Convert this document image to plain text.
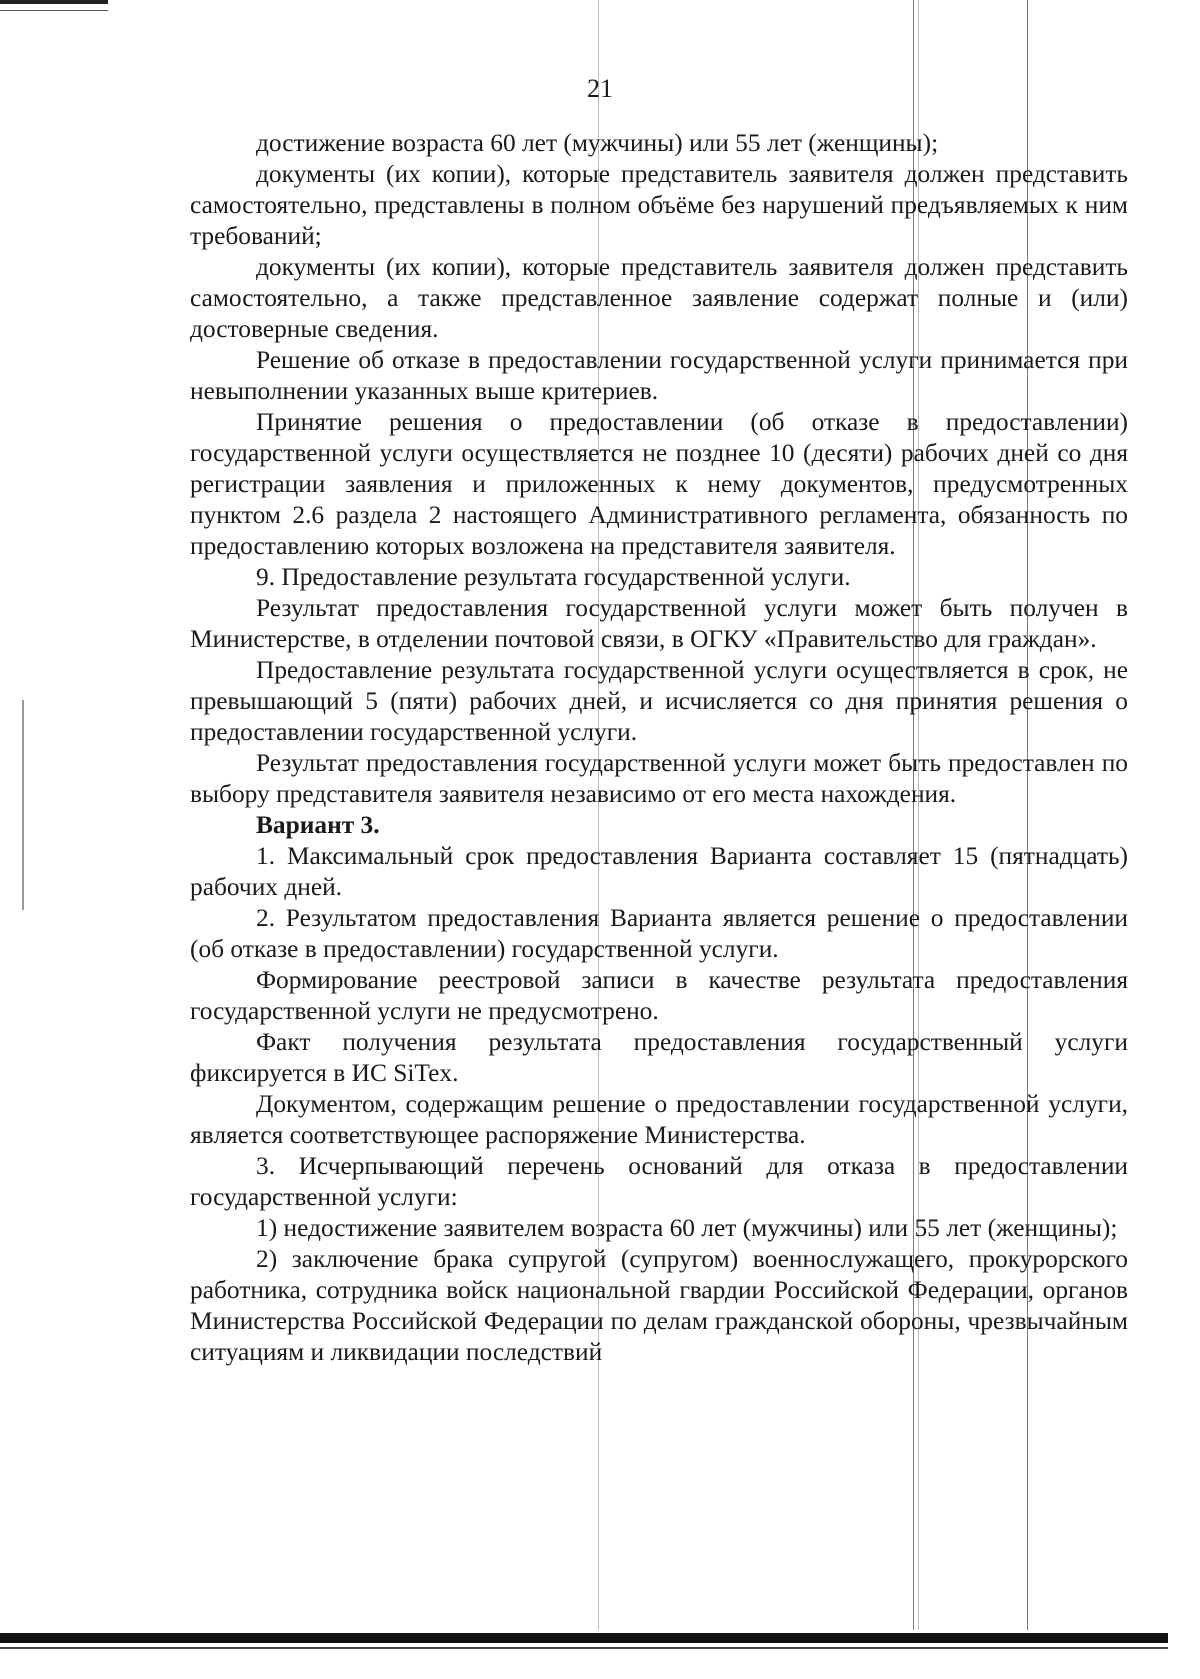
21

достижение возраста 60 лет (мужчины) или 55 лет (женщины);

документы (их копии), которые представитель заявителя должен представить самостоятельно, представлены в полном объёме без нарушений предъявляемых к ним требований;

документы (их копии), которые представитель заявителя должен представить самостоятельно, а также представленное заявление содержат полные и (или) достоверные сведения.

Решение об отказе в предоставлении государственной услуги принимается при невыполнении указанных выше критериев.

Принятие решения о предоставлении (об отказе в предоставлении) государственной услуги осуществляется не позднее 10 (десяти) рабочих дней со дня регистрации заявления и приложенных к нему документов, предусмотренных пунктом 2.6 раздела 2 настоящего Административного регламента, обязанность по предоставлению которых возложена на представителя заявителя.

9. Предоставление результата государственной услуги.

Результат предоставления государственной услуги может быть получен в Министерстве, в отделении почтовой связи, в ОГКУ «Правительство для граждан».

Предоставление результата государственной услуги осуществляется в срок, не превышающий 5 (пяти) рабочих дней, и исчисляется со дня принятия решения о предоставлении государственной услуги.

Результат предоставления государственной услуги может быть предоставлен по выбору представителя заявителя независимо от его места нахождения.

Вариант 3.

1. Максимальный срок предоставления Варианта составляет 15 (пятнадцать) рабочих дней.

2. Результатом предоставления Варианта является решение о предоставлении (об отказе в предоставлении) государственной услуги.

Формирование реестровой записи в качестве результата предоставления государственной услуги не предусмотрено.

Факт получения результата предоставления государственный услуги фиксируется в ИС SiTex.

Документом, содержащим решение о предоставлении государственной услуги, является соответствующее распоряжение Министерства.

3. Исчерпывающий перечень оснований для отказа в предоставлении государственной услуги:

1) недостижение заявителем возраста 60 лет (мужчины) или 55 лет (женщины);

2) заключение брака супругой (супругом) военнослужащего, прокурорского работника, сотрудника войск национальной гвардии Российской Федерации, органов Министерства Российской Федерации по делам гражданской обороны, чрезвычайным ситуациям и ликвидации последствий
